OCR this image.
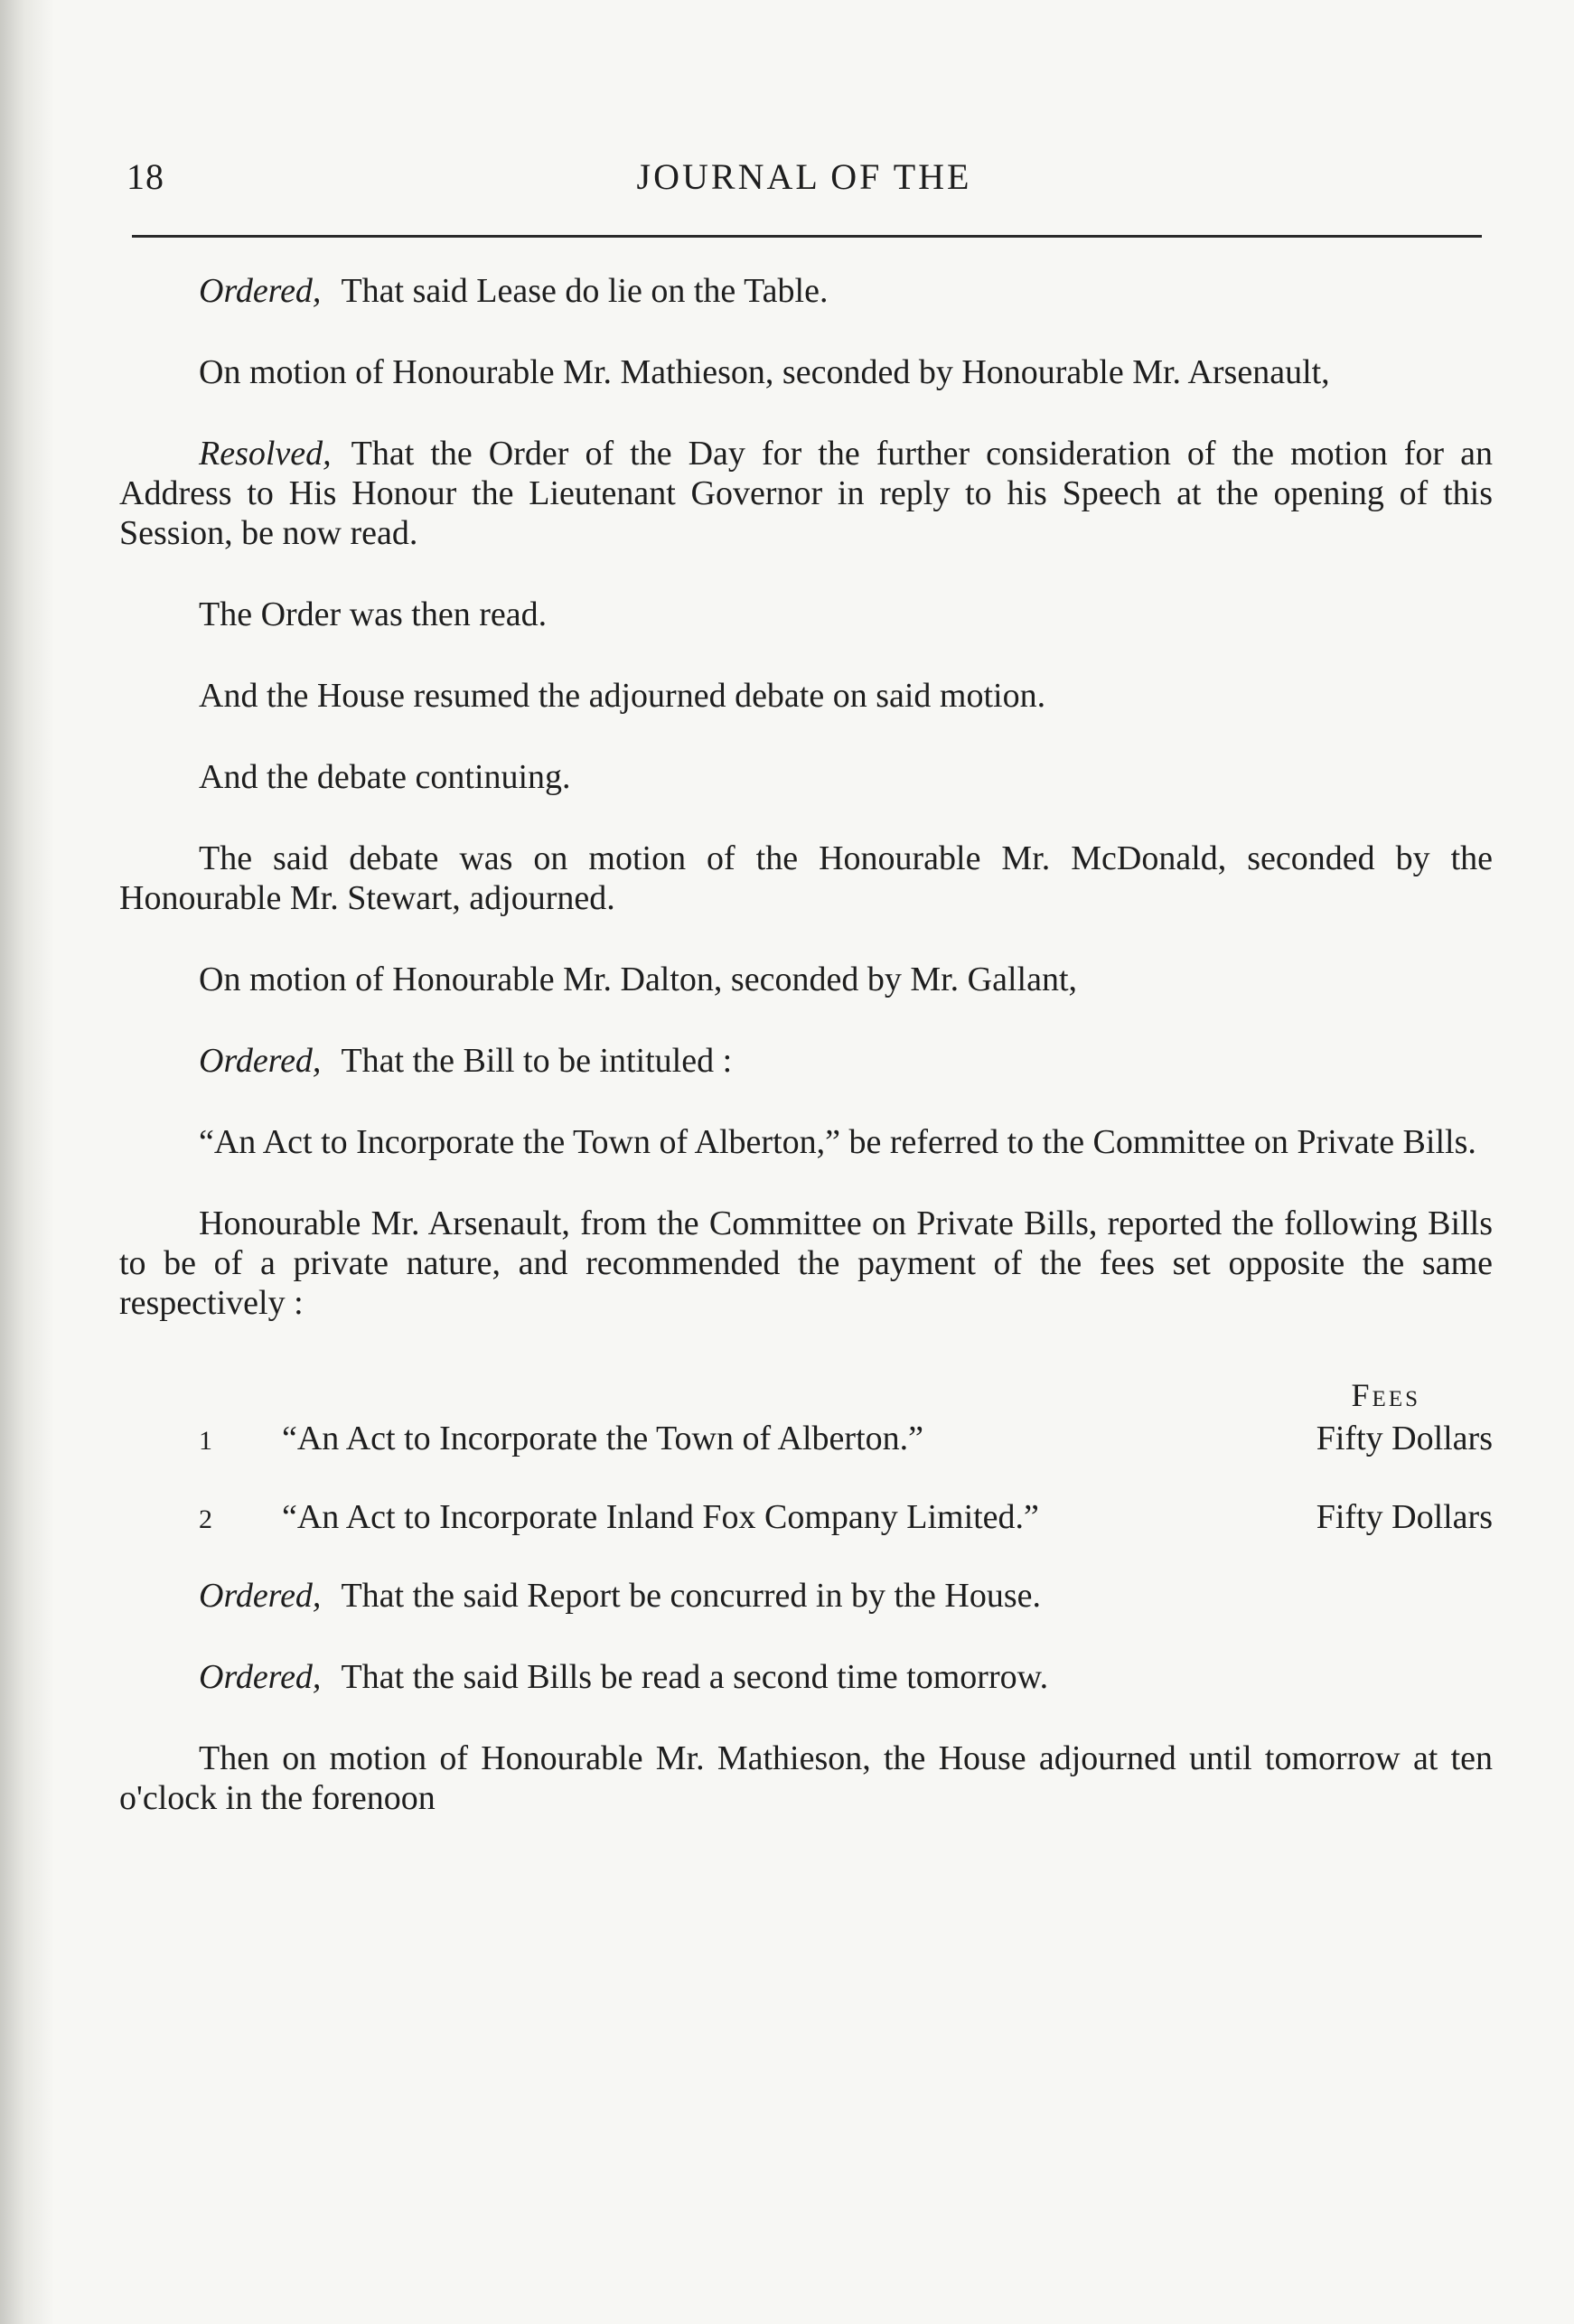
18	JOURNAL OF THE

Ordered, That said Lease do lie on the Table.

On motion of Honourable Mr. Mathieson, seconded by Honourable Mr. Arsenault,

Resolved, That the Order of the Day for the further consideration of the motion for an Address to His Honour the Lieutenant Governor in reply to his Speech at the opening of this Session, be now read.

The Order was then read.

And the House resumed the adjourned debate on said motion.

And the debate continuing.

The said debate was on motion of the Honourable Mr. McDonald, seconded by the Honourable Mr. Stewart, adjourned.

On motion of Honourable Mr. Dalton, seconded by Mr. Gallant,

Ordered, That the Bill to be intituled :

“An Act to Incorporate the Town of Alberton,” be referred to the Committee on Private Bills.

Honourable Mr. Arsenault, from the Committee on Private Bills, reported the following Bills to be of a private nature, and recommended the payment of the fees set opposite the same respectively :

Fees
1	“An Act to Incorporate the Town of Alberton.”	Fifty Dollars
2	“An Act to Incorporate Inland Fox Company Limited.”	Fifty Dollars

Ordered, That the said Report be concurred in by the House.

Ordered, That the said Bills be read a second time tomorrow.

Then on motion of Honourable Mr. Mathieson, the House adjourned until tomorrow at ten o'clock in the forenoon
